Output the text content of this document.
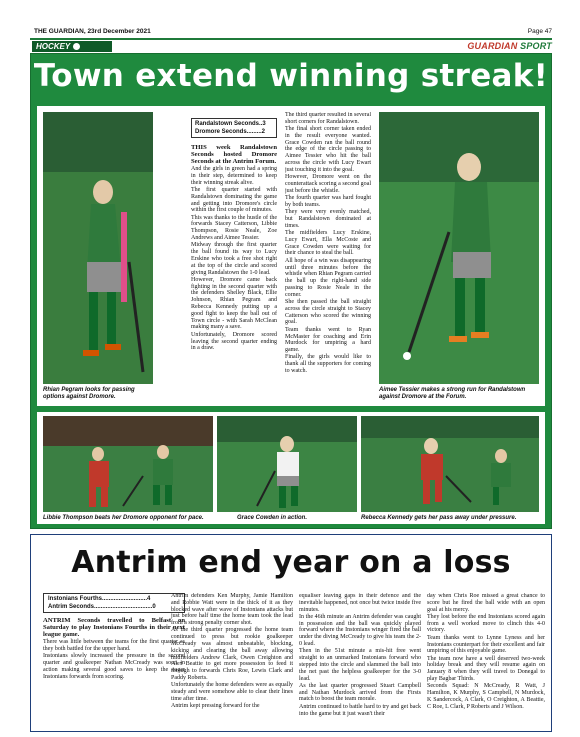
THE GUARDIAN, 23rd December 2021	Page 47
HOCKEY	GUARDIAN SPORT
Town extend winning streak!
Rhian Pegram looks for passing options against Dromore.
Randalstown Seconds..3
Dromore Seconds.........2

THIS week Randalstown Seconds hosted Dromore Seconds at the Antrim Forum.

And the girls in green had a spring in their step, determined to keep their winning streak alive.

The first quarter started with Randalstown dominating the game and getting into Dromore's circle within the first couple of minutes.

This was thanks to the hustle of the forwards Stacey Catterson, Libbie Thompson, Rosie Neale, Zoe Andrews and Aimee Tessier.

Midway through the first quarter the ball found its way to Lucy Erskine who took a free shot right at the top of the circle and scored giving Randalstown the 1-0 lead.

However, Dromore came back fighting in the second quarter with the defenders Shelley Black, Ellie Johnson, Rhian Pegram and Rebecca Kennedy putting up a good fight to keep the ball out of Town circle - with Sarah McClean making many a save.

Unfortunately, Dromore scored leaving the second quarter ending in a draw.

The third quarter resulted in several short corners for Randalstown.

The final short corner taken ended in the result everyone wanted. Grace Cowden ran the ball round the edge of the circle passing to Aimee Tessier who hit the ball across the circle with Lucy Ewart just touching it into the goal.

However, Dromore went on the counterattack scoring a second goal just before the whistle.

The fourth quarter was hard fought by both teams.

They were very evenly matched, but Randalstown dominated at times.

The midfielders Lucy Erskine, Lucy Ewart, Ella McCoste and Grace Cowden were waiting for their chance to steal the ball.

All hope of a win was disappearing until three minutes before the whistle when Rhian Pegram carried the ball up the right-hand side passing to Rosie Neale in the corner.

She then passed the ball straight across the circle straight to Stacey Catterson who scored the winning goal.

Team thanks went to Ryan McMaster for coaching and Erin Murdock for umpiring a hard game.

Finally, the girls would like to thank all the supporters for coming to watch.

Aimee Tessier makes a strong run for Randalstown against Dromore at the Forum.
Libbie Thompson beats her Dromore opponent for pace.	Grace Cowden in action.	Rebecca Kennedy gets her pass away under pressure.
Antrim end year on a loss
Instonians Fourths...........................4
Antrim Seconds...................................0

ANTRIM Seconds travelled to Belfast on Saturday to play Instonians Fourths in their next league game.

There was little between the teams for the first quarter as they both battled for the upper hand.

Instonians slowly increased the pressure in the second quarter and goalkeeper Nathan McCready was soon in action making several good saves to keep the eager Instonians forwards from scoring.

Antrim defenders Ken Murphy, Jamie Hamilton and Robbie Watt were in the thick of it as they blocked wave after wave of Instonians attacks but just before half time the home team took the lead from a strong penalty corner shot.

As the third quarter progressed the home team continued to press but rookie goalkeeper McCready was almost unbeatable, blocking, kicking and clearing the ball away allowing midfielders Andrew Clark, Owen Creighton and Alex Beattie to get more possession to feed it through to forwards Chris Roe, Lewis Clark and Paddy Roberts.

Unfortunately the home defenders were as equally steady and were somehow able to clear their lines time after time.

Antrim kept pressing forward for the

equaliser leaving gaps in their defence and the inevitable happened, not once but twice inside five minutes.

In the 46th minute an Antrim defender was caught in possession and the ball was quickly played forward where the Instonians winger fired the ball under the diving McCready to give his team the 2-0 lead.

Then in the 51st minute a mis-hit free went straight to an unmarked Instonians forward who stepped into the circle and slammed the ball into the net past the helpless goalkeeper for the 3-0 lead.

As the last quarter progressed Stuart Campbell and Nathan Murdock arrived from the Firsts match to boost the team morale.

Antrim continued to battle hard to try and get back into the game but it just wasn't their

day when Chris Roe missed a great chance to score but he fired the ball wide with an open goal at his mercy.

They lost before the end Instonians scored again from a well worked move to clinch this 4-0 victory.

Team thanks went to Lynne Lyness and her Instonians counterpart for their excellent and fair umpiring of this enjoyable game.

The team now have a well deserved two-week holiday break and they will resume again on January 8 when they will travel to Donegal to play Bagbar Thirds.

Seconds Squad: N McCready, R Watt, J Hamilton, K Murphy, S Campbell, N Murdock, K Sandercock, A Clark, O Creighton, A Beattie, C Roe, L Clark, P Roberts and J Wilson.
